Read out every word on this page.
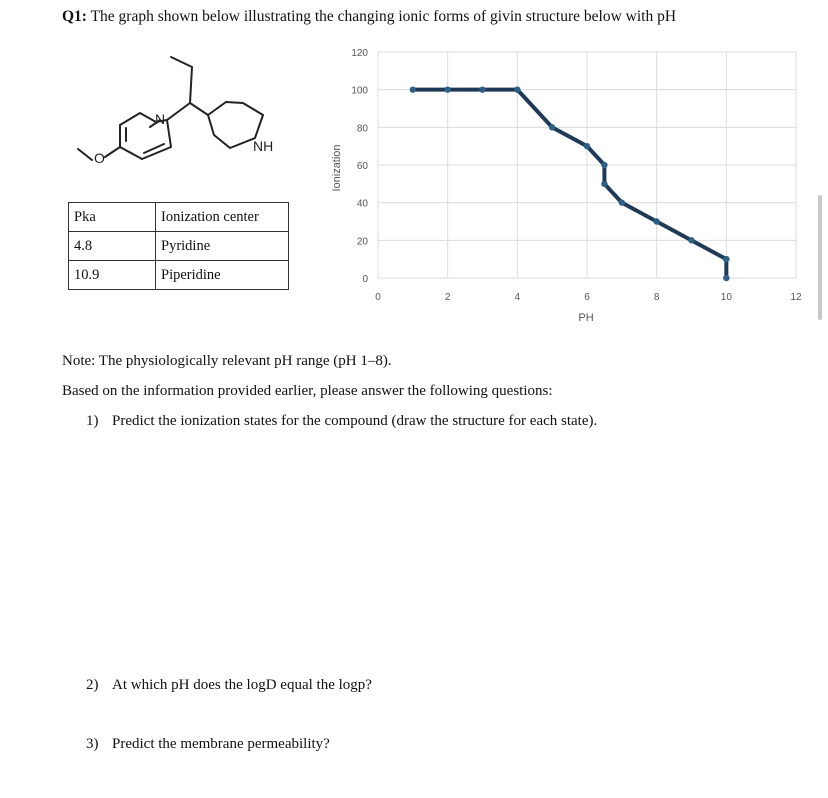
Q1: The graph shown below illustrating the changing ionic forms of givin structure below with pH
N
NH
O
Pka	Ionization center
4.8	Pyridine
10.9	Piperidine	0
20
40
60
80
100
120
0	2	4	6	8	10	12
Ionization
PH
Note: The physiologically relevant pH range (pH 1–8).
Based on the information provided earlier, please answer the following questions:
1) Predict the ionization states for the compound (draw the structure for each state).
2) At which pH does the logD equal the logp?
3) Predict the membrane permeability?
